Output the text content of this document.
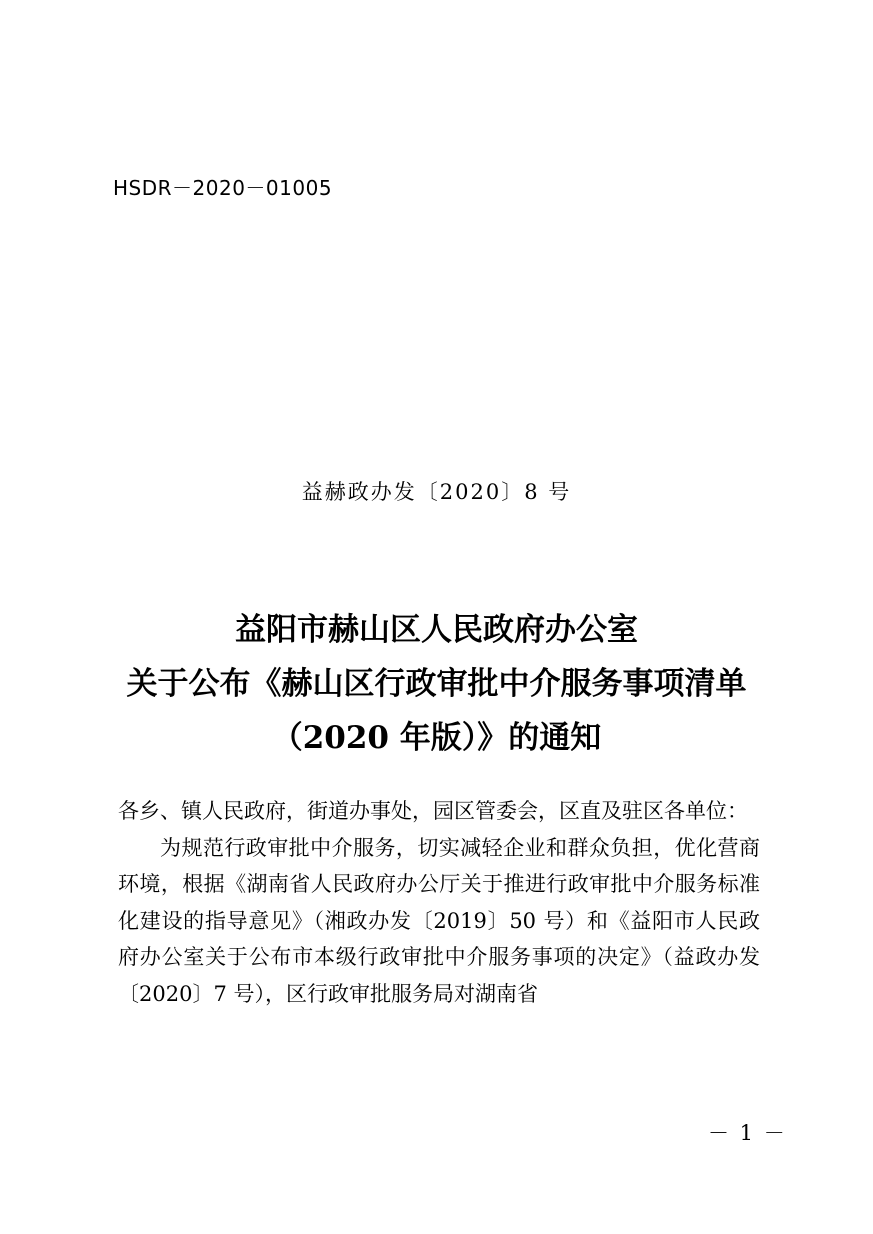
HSDR－2020－01005
益赫政办发〔2020〕8 号
益阳市赫山区人民政府办公室
关于公布《赫山区行政审批中介服务事项清单
（2020 年版）》的通知

各乡、镇人民政府，街道办事处，园区管委会，区直及驻区各单位：

为规范行政审批中介服务，切实减轻企业和群众负担，优化营商环境，根据《湖南省人民政府办公厅关于推进行政审批中介服务标准化建设的指导意见》（湘政办发〔2019〕50 号）和《益阳市人民政府办公室关于公布市本级行政审批中介服务事项的决定》（益政办发〔2020〕7 号），区行政审批服务局对湖南省

－ 1 －
